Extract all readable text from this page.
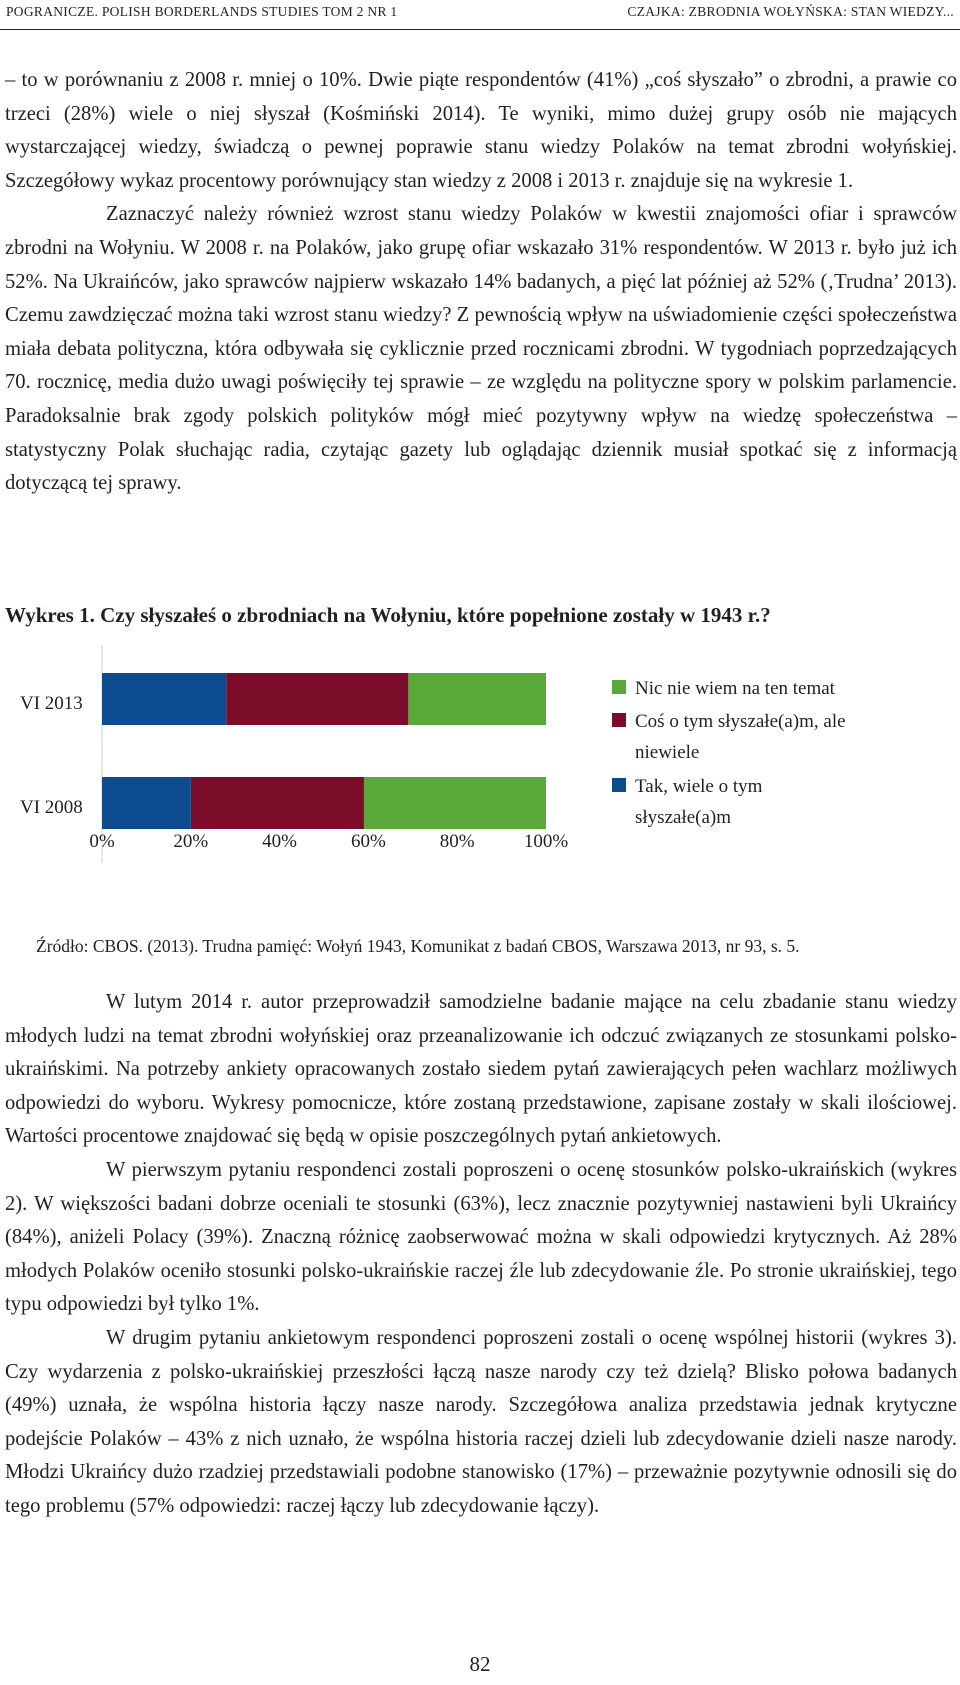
POGRANICZE. POLISH BORDERLANDS STUDIES TOM 2 NR 1	CZAJKA: ZBRODNIA WOŁYŃSKA: STAN WIEDZY...

– to w porównaniu z 2008 r. mniej o 10%. Dwie piąte respondentów (41%) „coś słyszało” o zbrodni, a prawie co trzeci (28%) wiele o niej słyszał (Kośmiński 2014). Te wyniki, mimo dużej grupy osób nie mających wystarczającej wiedzy, świadczą o pewnej poprawie stanu wiedzy Polaków na temat zbrodni wołyńskiej. Szczegółowy wykaz procentowy porównujący stan wiedzy z 2008 i 2013 r. znajduje się na wykresie 1.

Zaznaczyć należy również wzrost stanu wiedzy Polaków w kwestii znajomości ofiar i sprawców zbrodni na Wołyniu. W 2008 r. na Polaków, jako grupę ofiar wskazało 31% respondentów. W 2013 r. było już ich 52%. Na Ukraińców, jako sprawców najpierw wskazało 14% badanych, a pięć lat później aż 52% (‚Trudna’ 2013). Czemu zawdzięczać można taki wzrost stanu wiedzy? Z pewnością wpływ na uświadomienie części społeczeństwa miała debata polityczna, która odbywała się cyklicznie przed rocznicami zbrodni. W tygodniach poprzedzających 70. rocznicę, media dużo uwagi poświęciły tej sprawie – ze względu na polityczne spory w polskim parlamencie. Paradoksalnie brak zgody polskich polityków mógł mieć pozytywny wpływ na wiedzę społeczeństwa – statystyczny Polak słuchając radia, czytając gazety lub oglądając dziennik musiał spotkać się z informacją dotyczącą tej sprawy.

Wykres 1. Czy słyszałeś o zbrodniach na Wołyniu, które popełnione zostały w 1943 r.?
VI 2013
VI 2008
0%	20%	40%	60%	80%	100%
Nic nie wiem na ten temat
Coś o tym słyszałe(a)m, ale niewiele
Tak, wiele o tym słyszałe(a)m
Źródło: CBOS. (2013). Trudna pamięć: Wołyń 1943, Komunikat z badań CBOS, Warszawa 2013, nr 93, s. 5.

W lutym 2014 r. autor przeprowadził samodzielne badanie mające na celu zbadanie stanu wiedzy młodych ludzi na temat zbrodni wołyńskiej oraz przeanalizowanie ich odczuć związanych ze stosunkami polsko-ukraińskimi. Na potrzeby ankiety opracowanych zostało siedem pytań zawierających pełen wachlarz możliwych odpowiedzi do wyboru. Wykresy pomocnicze, które zostaną przedstawione, zapisane zostały w skali ilościowej. Wartości procentowe znajdować się będą w opisie poszczególnych pytań ankietowych.

W pierwszym pytaniu respondenci zostali poproszeni o ocenę stosunków polsko-ukraińskich (wykres 2). W większości badani dobrze oceniali te stosunki (63%), lecz znacznie pozytywniej nastawieni byli Ukraińcy (84%), aniżeli Polacy (39%). Znaczną różnicę zaobserwować można w skali odpowiedzi krytycznych. Aż 28% młodych Polaków oceniło stosunki polsko-ukraińskie raczej źle lub zdecydowanie źle. Po stronie ukraińskiej, tego typu odpowiedzi był tylko 1%.

W drugim pytaniu ankietowym respondenci poproszeni zostali o ocenę wspólnej historii (wykres 3). Czy wydarzenia z polsko-ukraińskiej przeszłości łączą nasze narody czy też dzielą? Blisko połowa badanych (49%) uznała, że wspólna historia łączy nasze narody. Szczegółowa analiza przedstawia jednak krytyczne podejście Polaków – 43% z nich uznało, że wspólna historia raczej dzieli lub zdecydowanie dzieli nasze narody. Młodzi Ukraińcy dużo rzadziej przedstawiali podobne stanowisko (17%) – przeważnie pozytywnie odnosili się do tego problemu (57% odpowiedzi: raczej łączy lub zdecydowanie łączy).

82
